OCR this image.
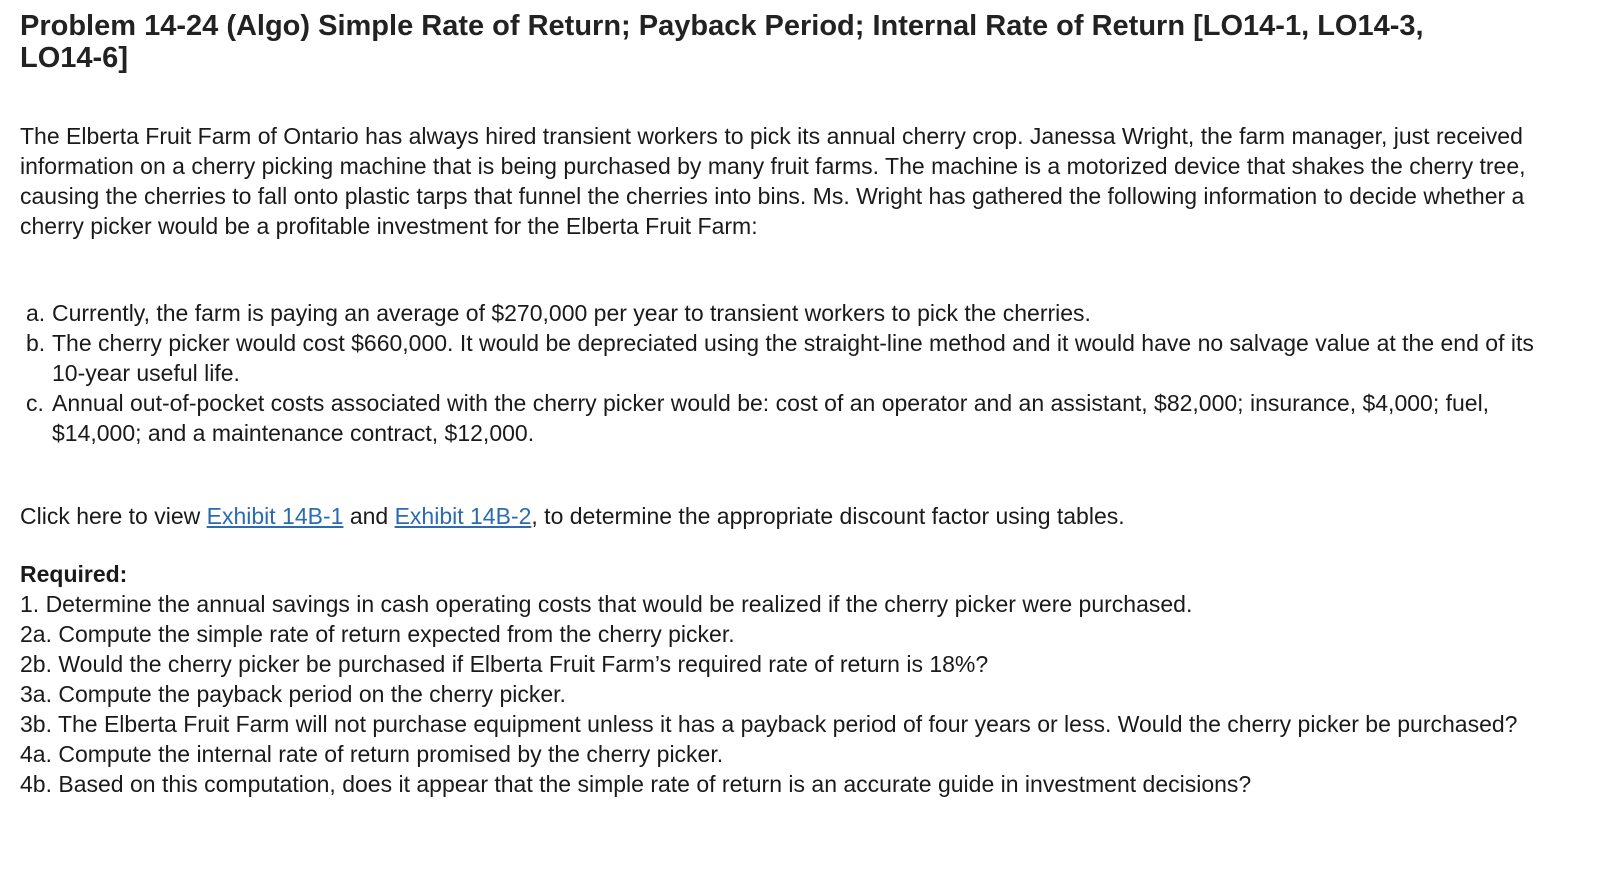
Problem 14-24 (Algo) Simple Rate of Return; Payback Period; Internal Rate of Return [LO14-1, LO14-3, LO14-6]

The Elberta Fruit Farm of Ontario has always hired transient workers to pick its annual cherry crop. Janessa Wright, the farm manager, just received information on a cherry picking machine that is being purchased by many fruit farms. The machine is a motorized device that shakes the cherry tree, causing the cherries to fall onto plastic tarps that funnel the cherries into bins. Ms. Wright has gathered the following information to decide whether a cherry picker would be a profitable investment for the Elberta Fruit Farm:

a. Currently, the farm is paying an average of $270,000 per year to transient workers to pick the cherries.
b. The cherry picker would cost $660,000. It would be depreciated using the straight-line method and it would have no salvage value at the end of its 10-year useful life.
c. Annual out-of-pocket costs associated with the cherry picker would be: cost of an operator and an assistant, $82,000; insurance, $4,000; fuel, $14,000; and a maintenance contract, $12,000.

Click here to view Exhibit 14B-1 and Exhibit 14B-2, to determine the appropriate discount factor using tables.

Required:
1. Determine the annual savings in cash operating costs that would be realized if the cherry picker were purchased.
2a. Compute the simple rate of return expected from the cherry picker.
2b. Would the cherry picker be purchased if Elberta Fruit Farm’s required rate of return is 18%?
3a. Compute the payback period on the cherry picker.
3b. The Elberta Fruit Farm will not purchase equipment unless it has a payback period of four years or less. Would the cherry picker be purchased?
4a. Compute the internal rate of return promised by the cherry picker.
4b. Based on this computation, does it appear that the simple rate of return is an accurate guide in investment decisions?
